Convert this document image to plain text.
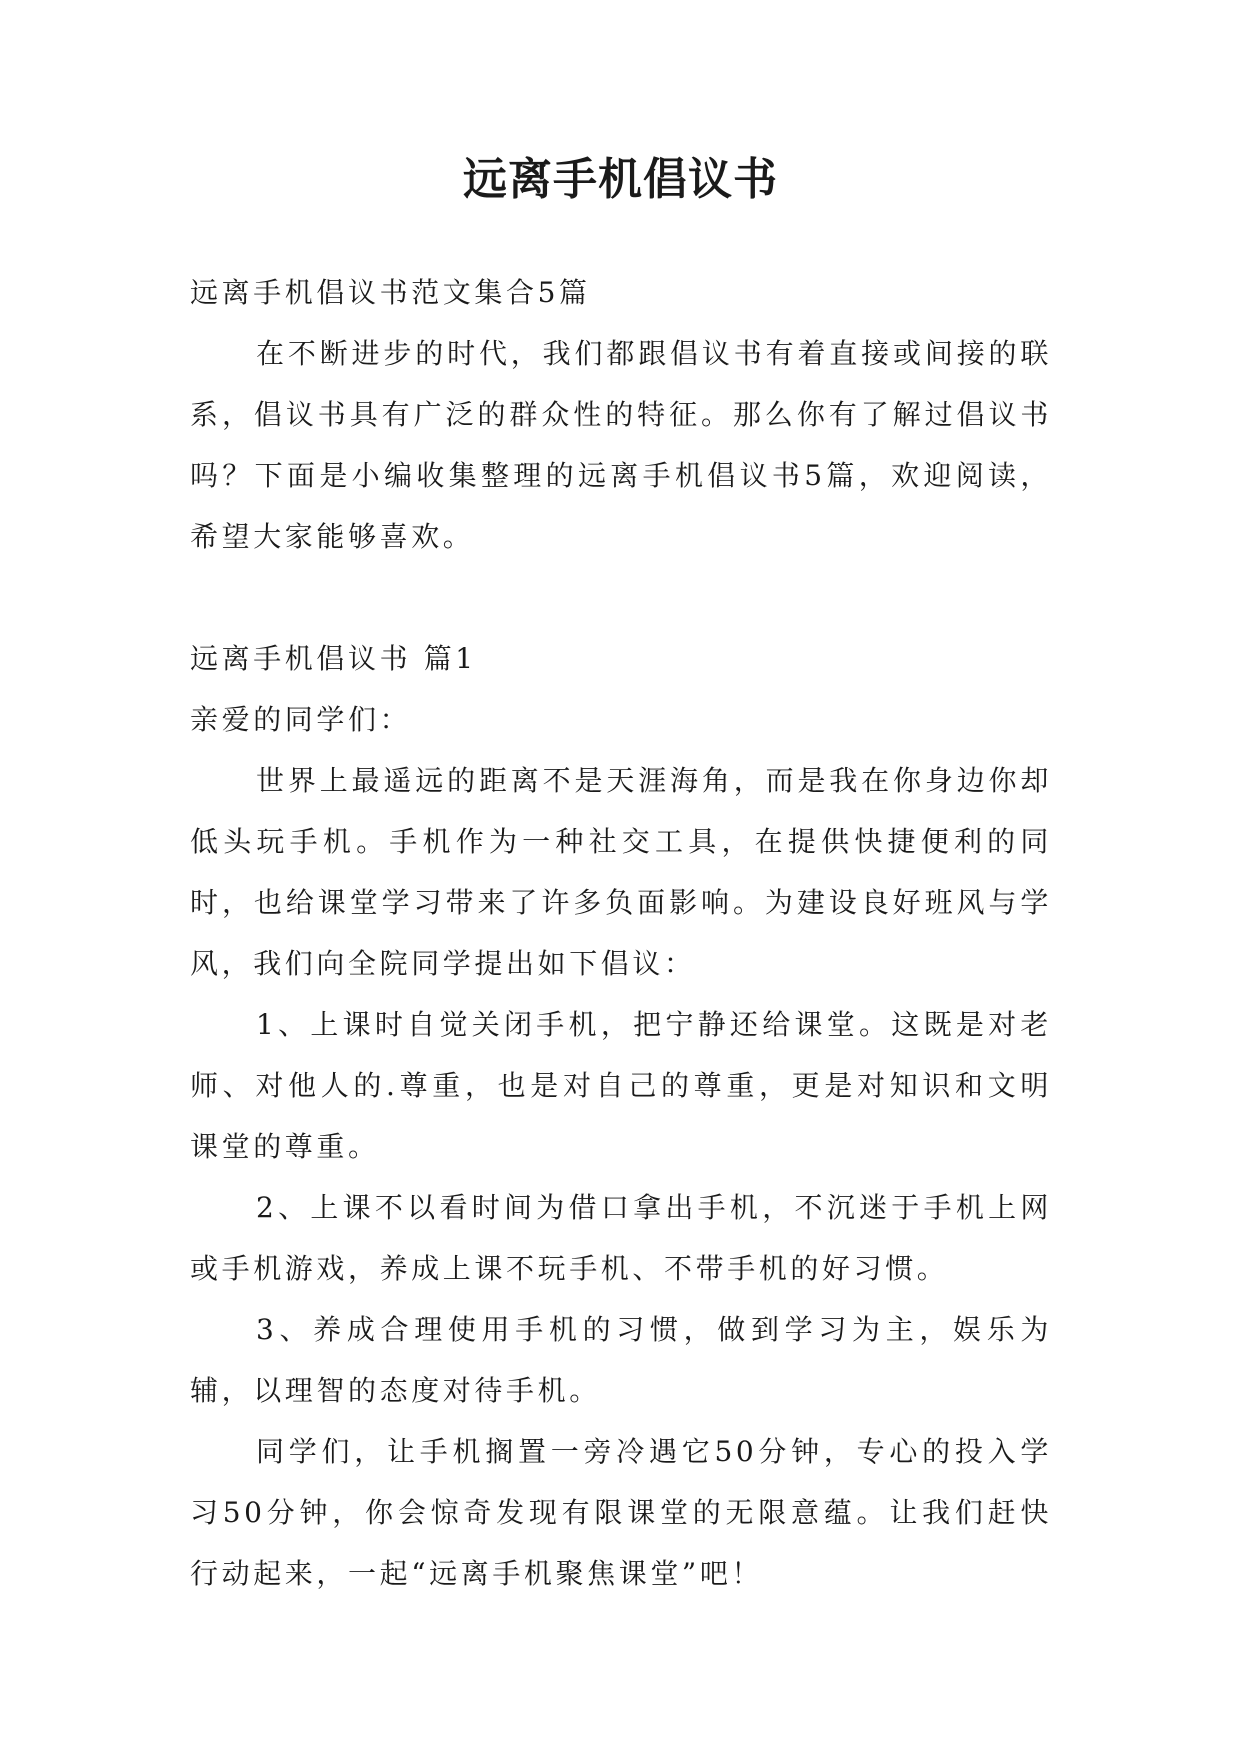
远离手机倡议书

远离手机倡议书范文集合5篇

在不断进步的时代，我们都跟倡议书有着直接或间接的联系，倡议书具有广泛的群众性的特征。那么你有了解过倡议书吗？下面是小编收集整理的远离手机倡议书5篇，欢迎阅读，希望大家能够喜欢。

远离手机倡议书 篇1

亲爱的同学们：

世界上最遥远的距离不是天涯海角，而是我在你身边你却低头玩手机。手机作为一种社交工具，在提供快捷便利的同时，也给课堂学习带来了许多负面影响。为建设良好班风与学风，我们向全院同学提出如下倡议：

1、上课时自觉关闭手机，把宁静还给课堂。这既是对老师、对他人的.尊重，也是对自己的尊重，更是对知识和文明课堂的尊重。

2、上课不以看时间为借口拿出手机，不沉迷于手机上网或手机游戏，养成上课不玩手机、不带手机的好习惯。

3、养成合理使用手机的习惯，做到学习为主，娱乐为辅，以理智的态度对待手机。

同学们，让手机搁置一旁冷遇它50分钟，专心的投入学习50分钟，你会惊奇发现有限课堂的无限意蕴。让我们赶快行动起来，一起“远离手机聚焦课堂”吧！
